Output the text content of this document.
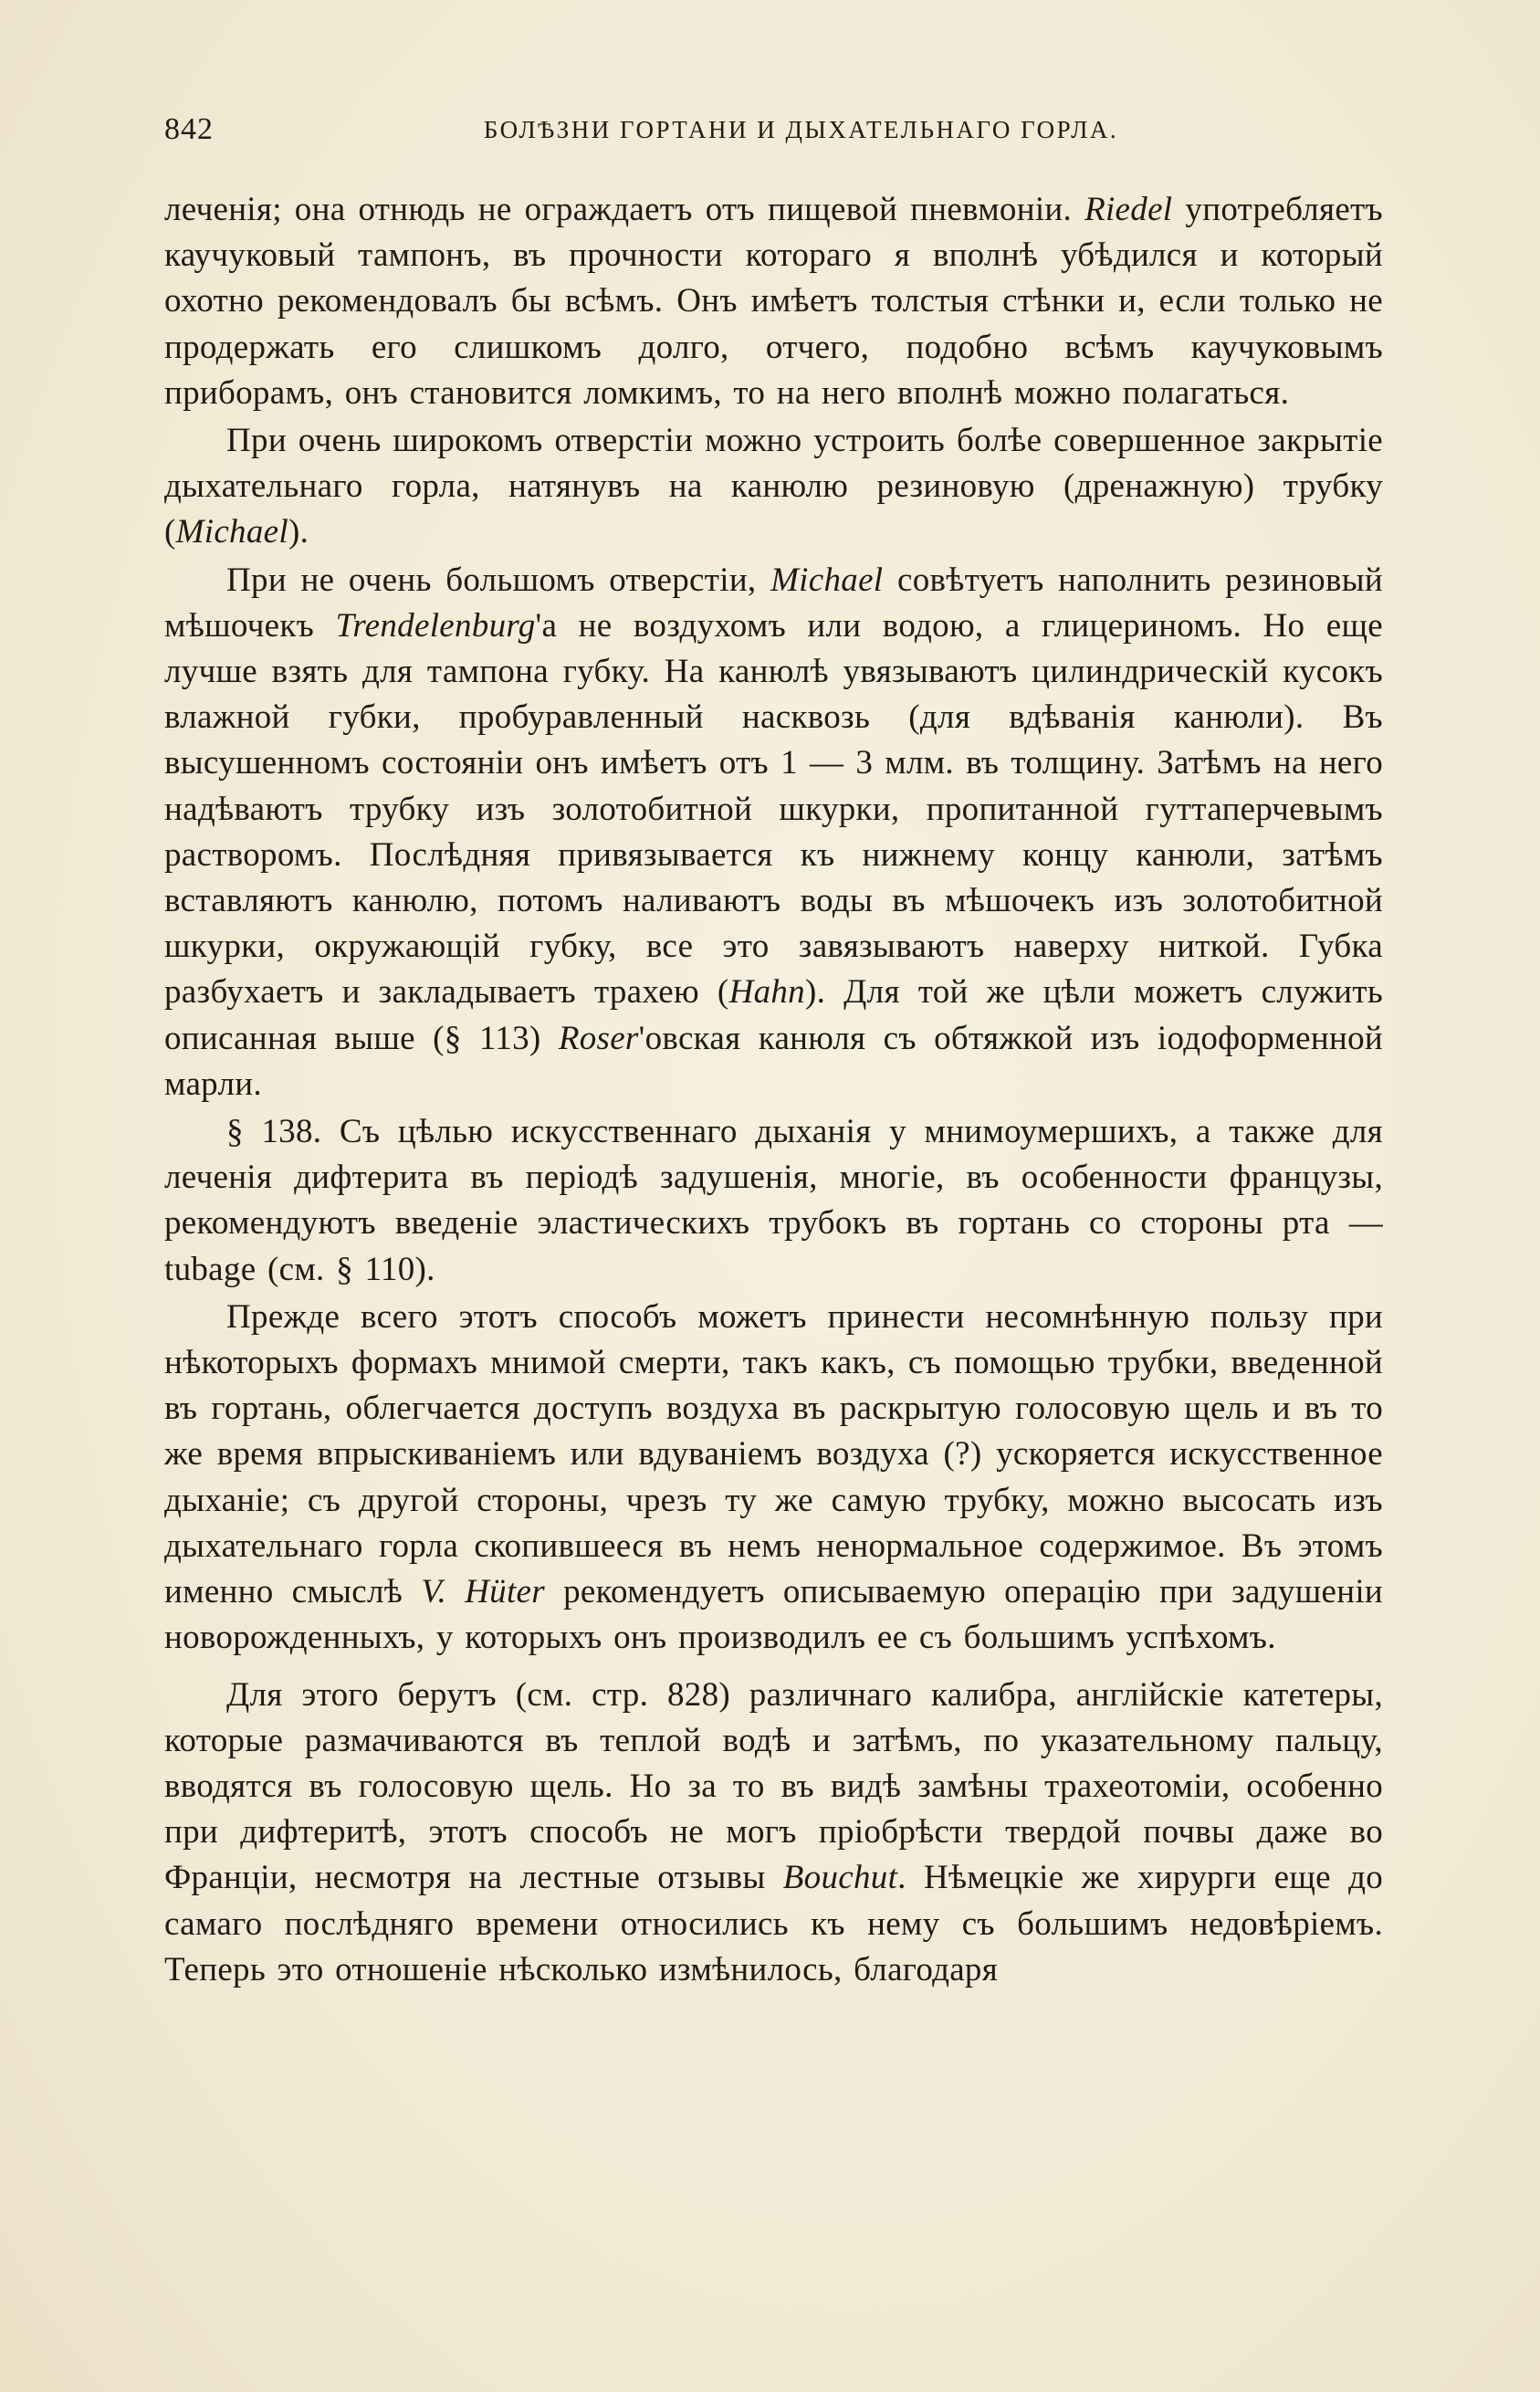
842	БОЛѢЗНИ ГОРТАНИ И ДЫХАТЕЛЬНАГО ГОРЛА.

леченія; она отнюдь не ограждаетъ отъ пищевой пневмоніи. Riedel употребляетъ каучуковый тампонъ, въ прочности котораго я вполнѣ убѣдился и который охотно рекомендовалъ бы всѣмъ. Онъ имѣетъ толстыя стѣнки и, если только не продержать его слишкомъ долго, отчего, подобно всѣмъ каучуковымъ приборамъ, онъ становится ломкимъ, то на него вполнѣ можно полагаться.

При очень широкомъ отверстіи можно устроить болѣе совершенное закрытіе дыхательнаго горла, натянувъ на канюлю резиновую (дренажную) трубку (Michael).

При не очень большомъ отверстіи, Michael совѣтуетъ наполнить резиновый мѣшочекъ Trendelenburg'а не воздухомъ или водою, а глицериномъ. Но еще лучше взять для тампона губку. На канюлѣ увязываютъ цилиндрическій кусокъ влажной губки, пробуравленный насквозь (для вдѣванія канюли). Въ высушенномъ состояніи онъ имѣетъ отъ 1 — 3 млм. въ толщину. Затѣмъ на него надѣваютъ трубку изъ золотобитной шкурки, пропитанной гуттаперчевымъ растворомъ. Послѣдняя привязывается къ нижнему концу канюли, затѣмъ вставляютъ канюлю, потомъ наливаютъ воды въ мѣшочекъ изъ золотобитной шкурки, окружающій губку, все это завязываютъ наверху ниткой. Губка разбухаетъ и закладываетъ трахею (Hahn). Для той же цѣли можетъ служить описанная выше (§ 113) Roser'овская канюля съ обтяжкой изъ іодоформенной марли.

§ 138. Съ цѣлью искусственнаго дыханія у мнимоумершихъ, а также для леченія дифтерита въ періодѣ задушенія, многіе, въ особенности французы, рекомендуютъ введеніе эластическихъ трубокъ въ гортань со стороны рта — tubage (см. § 110).

Прежде всего этотъ способъ можетъ принести несомнѣнную пользу при нѣкоторыхъ формахъ мнимой смерти, такъ какъ, съ помощью трубки, введенной въ гортань, облегчается доступъ воздуха въ раскрытую голосовую щель и въ то же время впрыскиваніемъ или вдуваніемъ воздуха (?) ускоряется искусственное дыханіе; съ другой стороны, чрезъ ту же самую трубку, можно высосать изъ дыхательнаго горла скопившееся въ немъ ненормальное содержимое. Въ этомъ именно смыслѣ V. Hüter рекомендуетъ описываемую операцію при задушеніи новорожденныхъ, у которыхъ онъ производилъ ее съ большимъ успѣхомъ.

Для этого берутъ (см. стр. 828) различнаго калибра, англійскіе катетеры, которые размачиваются въ теплой водѣ и затѣмъ, по указательному пальцу, вводятся въ голосовую щель. Но за то въ видѣ замѣны трахеотоміи, особенно при дифтеритѣ, этотъ способъ не могъ пріобрѣсти твердой почвы даже во Франціи, несмотря на лестные отзывы Bouchut. Нѣмецкіе же хирурги еще до самаго послѣдняго времени относились къ нему съ большимъ недовѣріемъ. Теперь это отношеніе нѣсколько измѣнилось, благодаря
